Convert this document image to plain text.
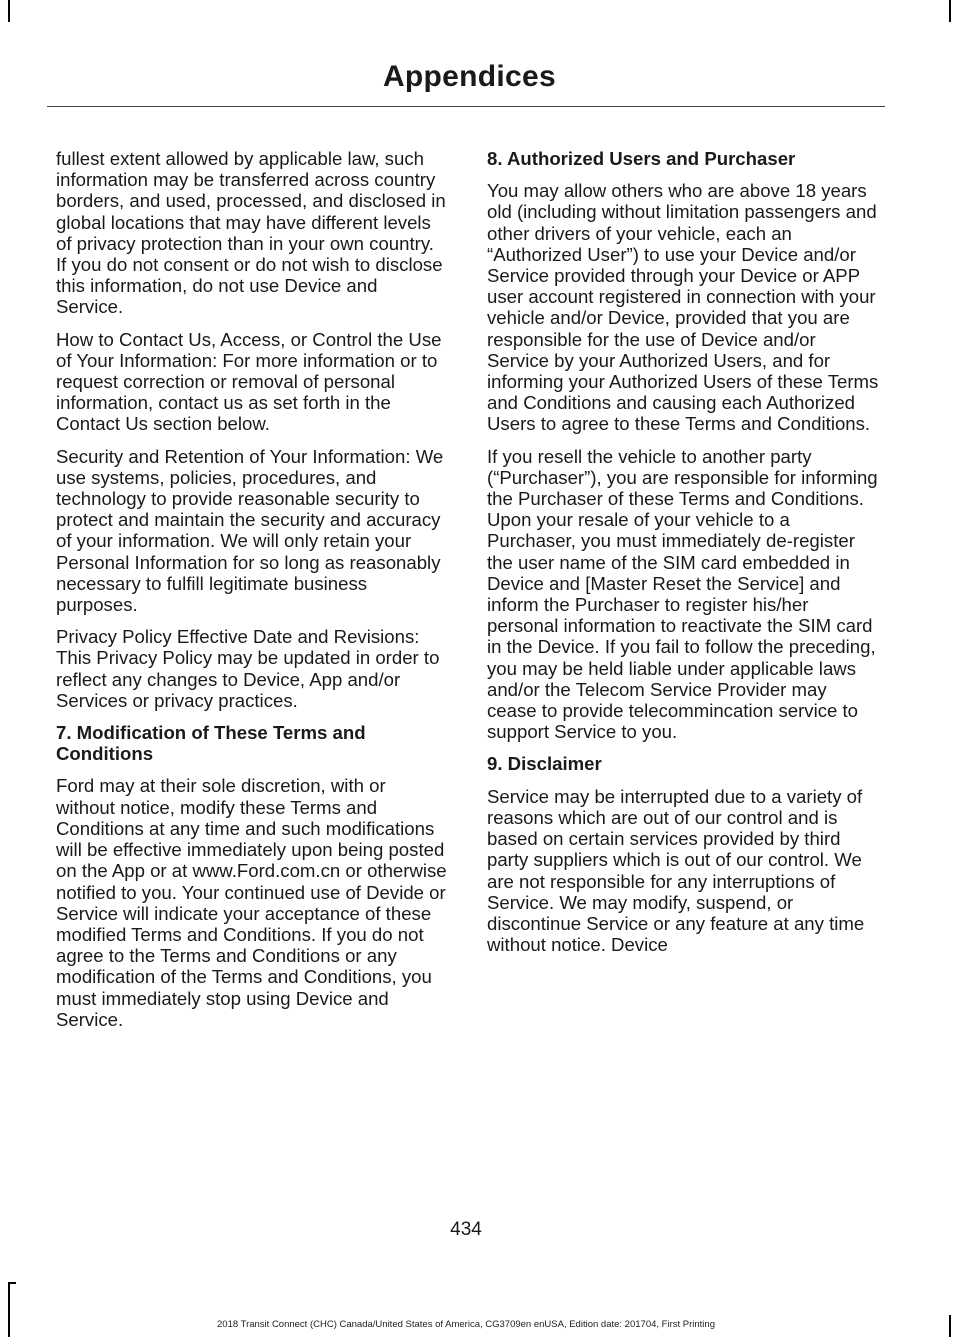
Appendices

fullest extent allowed by applicable law, such information may be transferred across country borders, and used, processed, and disclosed in global locations that may have different levels of privacy protection than in your own country. If you do not consent or do not wish to disclose this information, do not use Device and Service.

How to Contact Us, Access, or Control the Use of Your Information: For more information or to request correction or removal of personal information, contact us as set forth in the Contact Us section below.

Security and Retention of Your Information: We use systems, policies, procedures, and technology to provide reasonable security to protect and maintain the security and accuracy of your information. We will only retain your Personal Information for so long as reasonably necessary to fulfill legitimate business purposes.

Privacy Policy Effective Date and Revisions: This Privacy Policy may be updated in order to reflect any changes to Device, App and/or Services or privacy practices.

7. Modification of These Terms and Conditions

Ford may at their sole discretion, with or without notice, modify these Terms and Conditions at any time and such modifications will be effective immediately upon being posted on the App or at www.Ford.com.cn or otherwise notified to you. Your continued use of Devide or Service will indicate your acceptance of these modified Terms and Conditions. If you do not agree to the Terms and Conditions or any modification of the Terms and Conditions, you must immediately stop using Device and Service.

8. Authorized Users and Purchaser

You may allow others who are above 18 years old (including without limitation passengers and other drivers of your vehicle, each an “Authorized User”) to use your Device and/or Service provided through your Device or APP user account registered in connection with your vehicle and/or Device, provided that you are responsible for the use of Device and/or Service by your Authorized Users, and for informing your Authorized Users of these Terms and Conditions and causing each Authorized Users to agree to these Terms and Conditions.

If you resell the vehicle to another party (“Purchaser”), you are responsible for informing the Purchaser of these Terms and Conditions. Upon your resale of your vehicle to a Purchaser, you must immediately de-register the user name of the SIM card embedded in Device and [Master Reset the Service] and inform the Purchaser to register his/her personal information to reactivate the SIM card in the Device. If you fail to follow the preceding, you may be held liable under applicable laws and/or the Telecom Service Provider may cease to provide telecommincation service to support Service to you.

9. Disclaimer

Service may be interrupted due to a variety of reasons which are out of our control and is based on certain services provided by third party suppliers which is out of our control. We are not responsible for any interruptions of Service. We may modify, suspend, or discontinue Service or any feature at any time without notice. Device

434
2018 Transit Connect (CHC) Canada/United States of America, CG3709en enUSA, Edition date: 201704, First Printing
